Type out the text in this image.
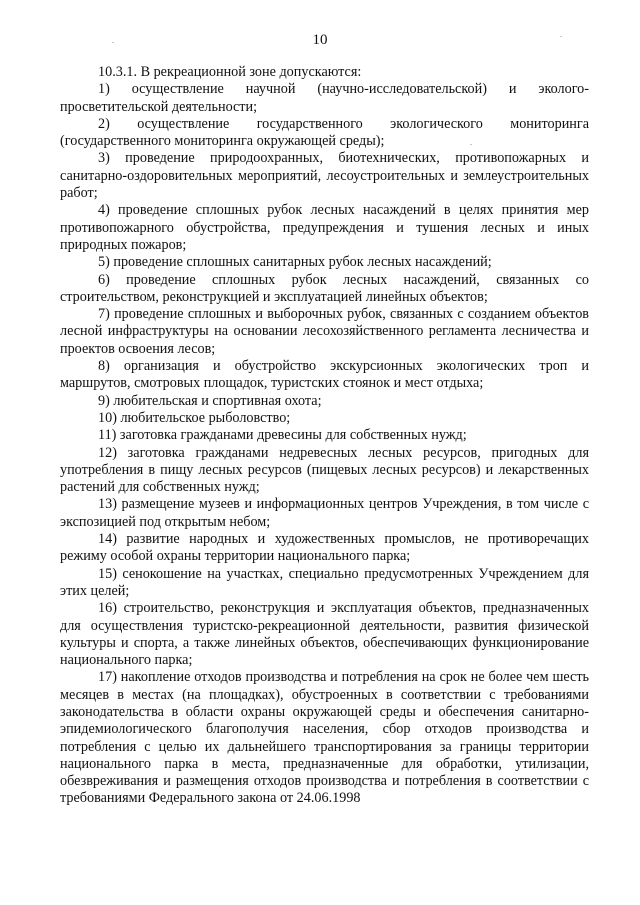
10

10.3.1. В рекреационной зоне допускаются:

1) осуществление научной (научно-исследовательской) и эколого-просветительской деятельности;

2) осуществление государственного экологического мониторинга (государственного мониторинга окружающей среды);

3) проведение природоохранных, биотехнических, противопожарных и санитарно-оздоровительных мероприятий, лесоустроительных и землеустроительных работ;

4) проведение сплошных рубок лесных насаждений в целях принятия мер противопожарного обустройства, предупреждения и тушения лесных и иных природных пожаров;

5) проведение сплошных санитарных рубок лесных насаждений;

6) проведение сплошных рубок лесных насаждений, связанных со строительством, реконструкцией и эксплуатацией линейных объектов;

7) проведение сплошных и выборочных рубок, связанных с созданием объектов лесной инфраструктуры на основании лесохозяйственного регламента лесничества и проектов освоения лесов;

8) организация и обустройство экскурсионных экологических троп и маршрутов, смотровых площадок, туристских стоянок и мест отдыха;

9) любительская и спортивная охота;

10) любительское рыболовство;

11) заготовка гражданами древесины для собственных нужд;

12) заготовка гражданами недревесных лесных ресурсов, пригодных для употребления в пищу лесных ресурсов (пищевых лесных ресурсов) и лекарственных растений для собственных нужд;

13) размещение музеев и информационных центров Учреждения, в том числе с экспозицией под открытым небом;

14) развитие народных и художественных промыслов, не противоречащих режиму особой охраны территории национального парка;

15) сенокошение на участках, специально предусмотренных Учреждением для этих целей;

16) строительство, реконструкция и эксплуатация объектов, предназначенных для осуществления туристско-рекреационной деятельности, развития физической культуры и спорта, а также линейных объектов, обеспечивающих функционирование национального парка;

17) накопление отходов производства и потребления на срок не более чем шесть месяцев в местах (на площадках), обустроенных в соответствии с требованиями законодательства в области охраны окружающей среды и обеспечения санитарно-эпидемиологического благополучия населения, сбор отходов производства и потребления с целью их дальнейшего транспортирования за границы территории национального парка в места, предназначенные для обработки, утилизации, обезвреживания и размещения отходов производства и потребления в соответствии с требованиями Федерального закона от 24.06.1998
